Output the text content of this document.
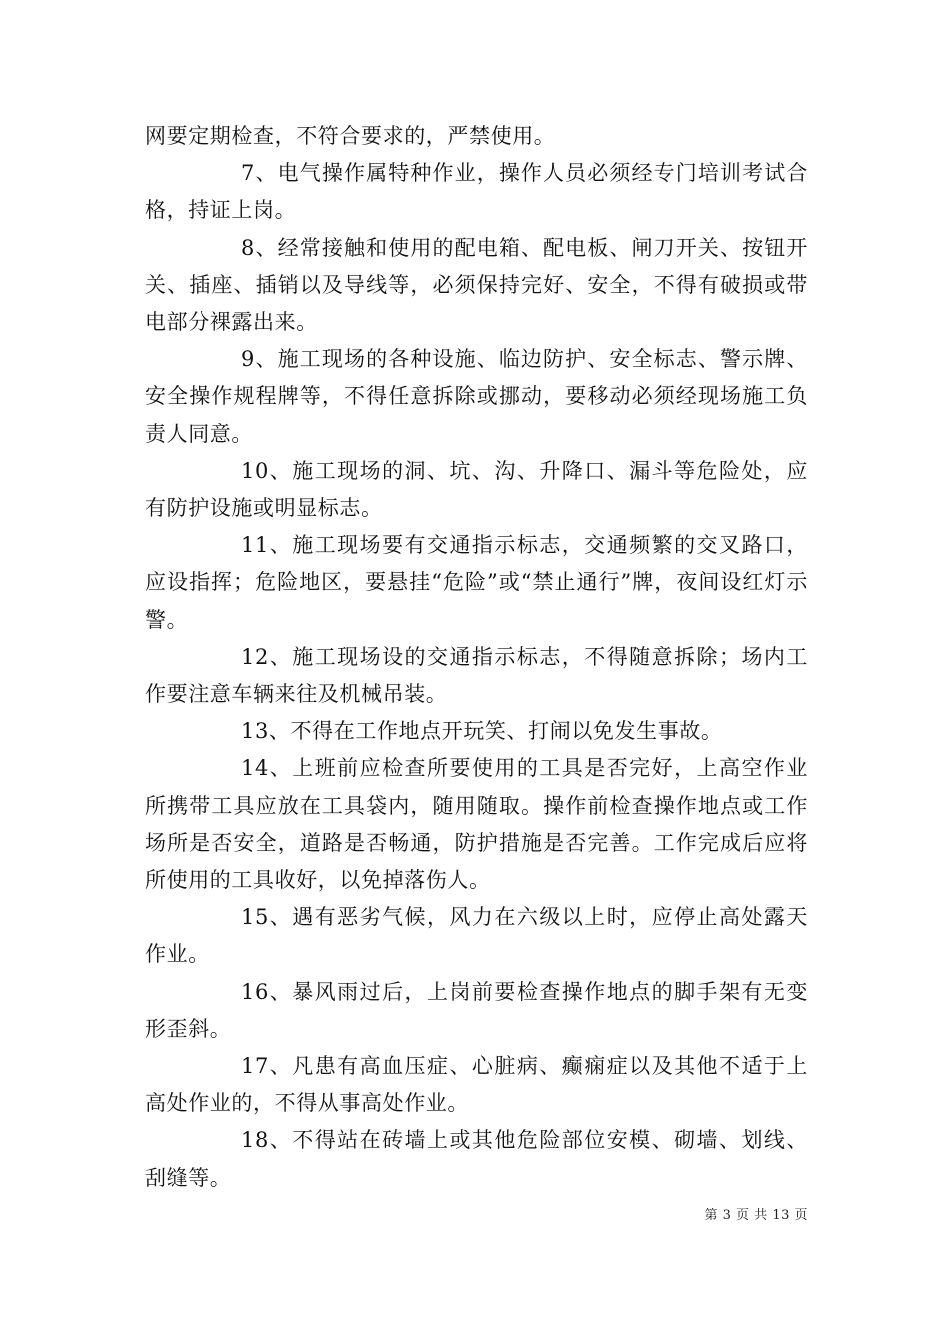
网要定期检查，不符合要求的，严禁使用。

7、电气操作属特种作业，操作人员必须经专门培训考试合格，持证上岗。

8、经常接触和使用的配电箱、配电板、闸刀开关、按钮开关、插座、插销以及导线等，必须保持完好、安全，不得有破损或带电部分裸露出来。

9、施工现场的各种设施、临边防护、安全标志、警示牌、安全操作规程牌等，不得任意拆除或挪动，要移动必须经现场施工负责人同意。

10、施工现场的洞、坑、沟、升降口、漏斗等危险处，应有防护设施或明显标志。

11、施工现场要有交通指示标志，交通频繁的交叉路口，应设指挥；危险地区，要悬挂“危险”或“禁止通行”牌，夜间设红灯示警。

12、施工现场设的交通指示标志，不得随意拆除；场内工作要注意车辆来往及机械吊装。

13、不得在工作地点开玩笑、打闹以免发生事故。

14、上班前应检查所要使用的工具是否完好，上高空作业所携带工具应放在工具袋内，随用随取。操作前检查操作地点或工作场所是否安全，道路是否畅通，防护措施是否完善。工作完成后应将所使用的工具收好，以免掉落伤人。

15、遇有恶劣气候，风力在六级以上时，应停止高处露天作业。

16、暴风雨过后，上岗前要检查操作地点的脚手架有无变形歪斜。

17、凡患有高血压症、心脏病、癫痫症以及其他不适于上高处作业的，不得从事高处作业。

18、不得站在砖墙上或其他危险部位安模、砌墙、划线、刮缝等。

第 3 页 共 13 页
